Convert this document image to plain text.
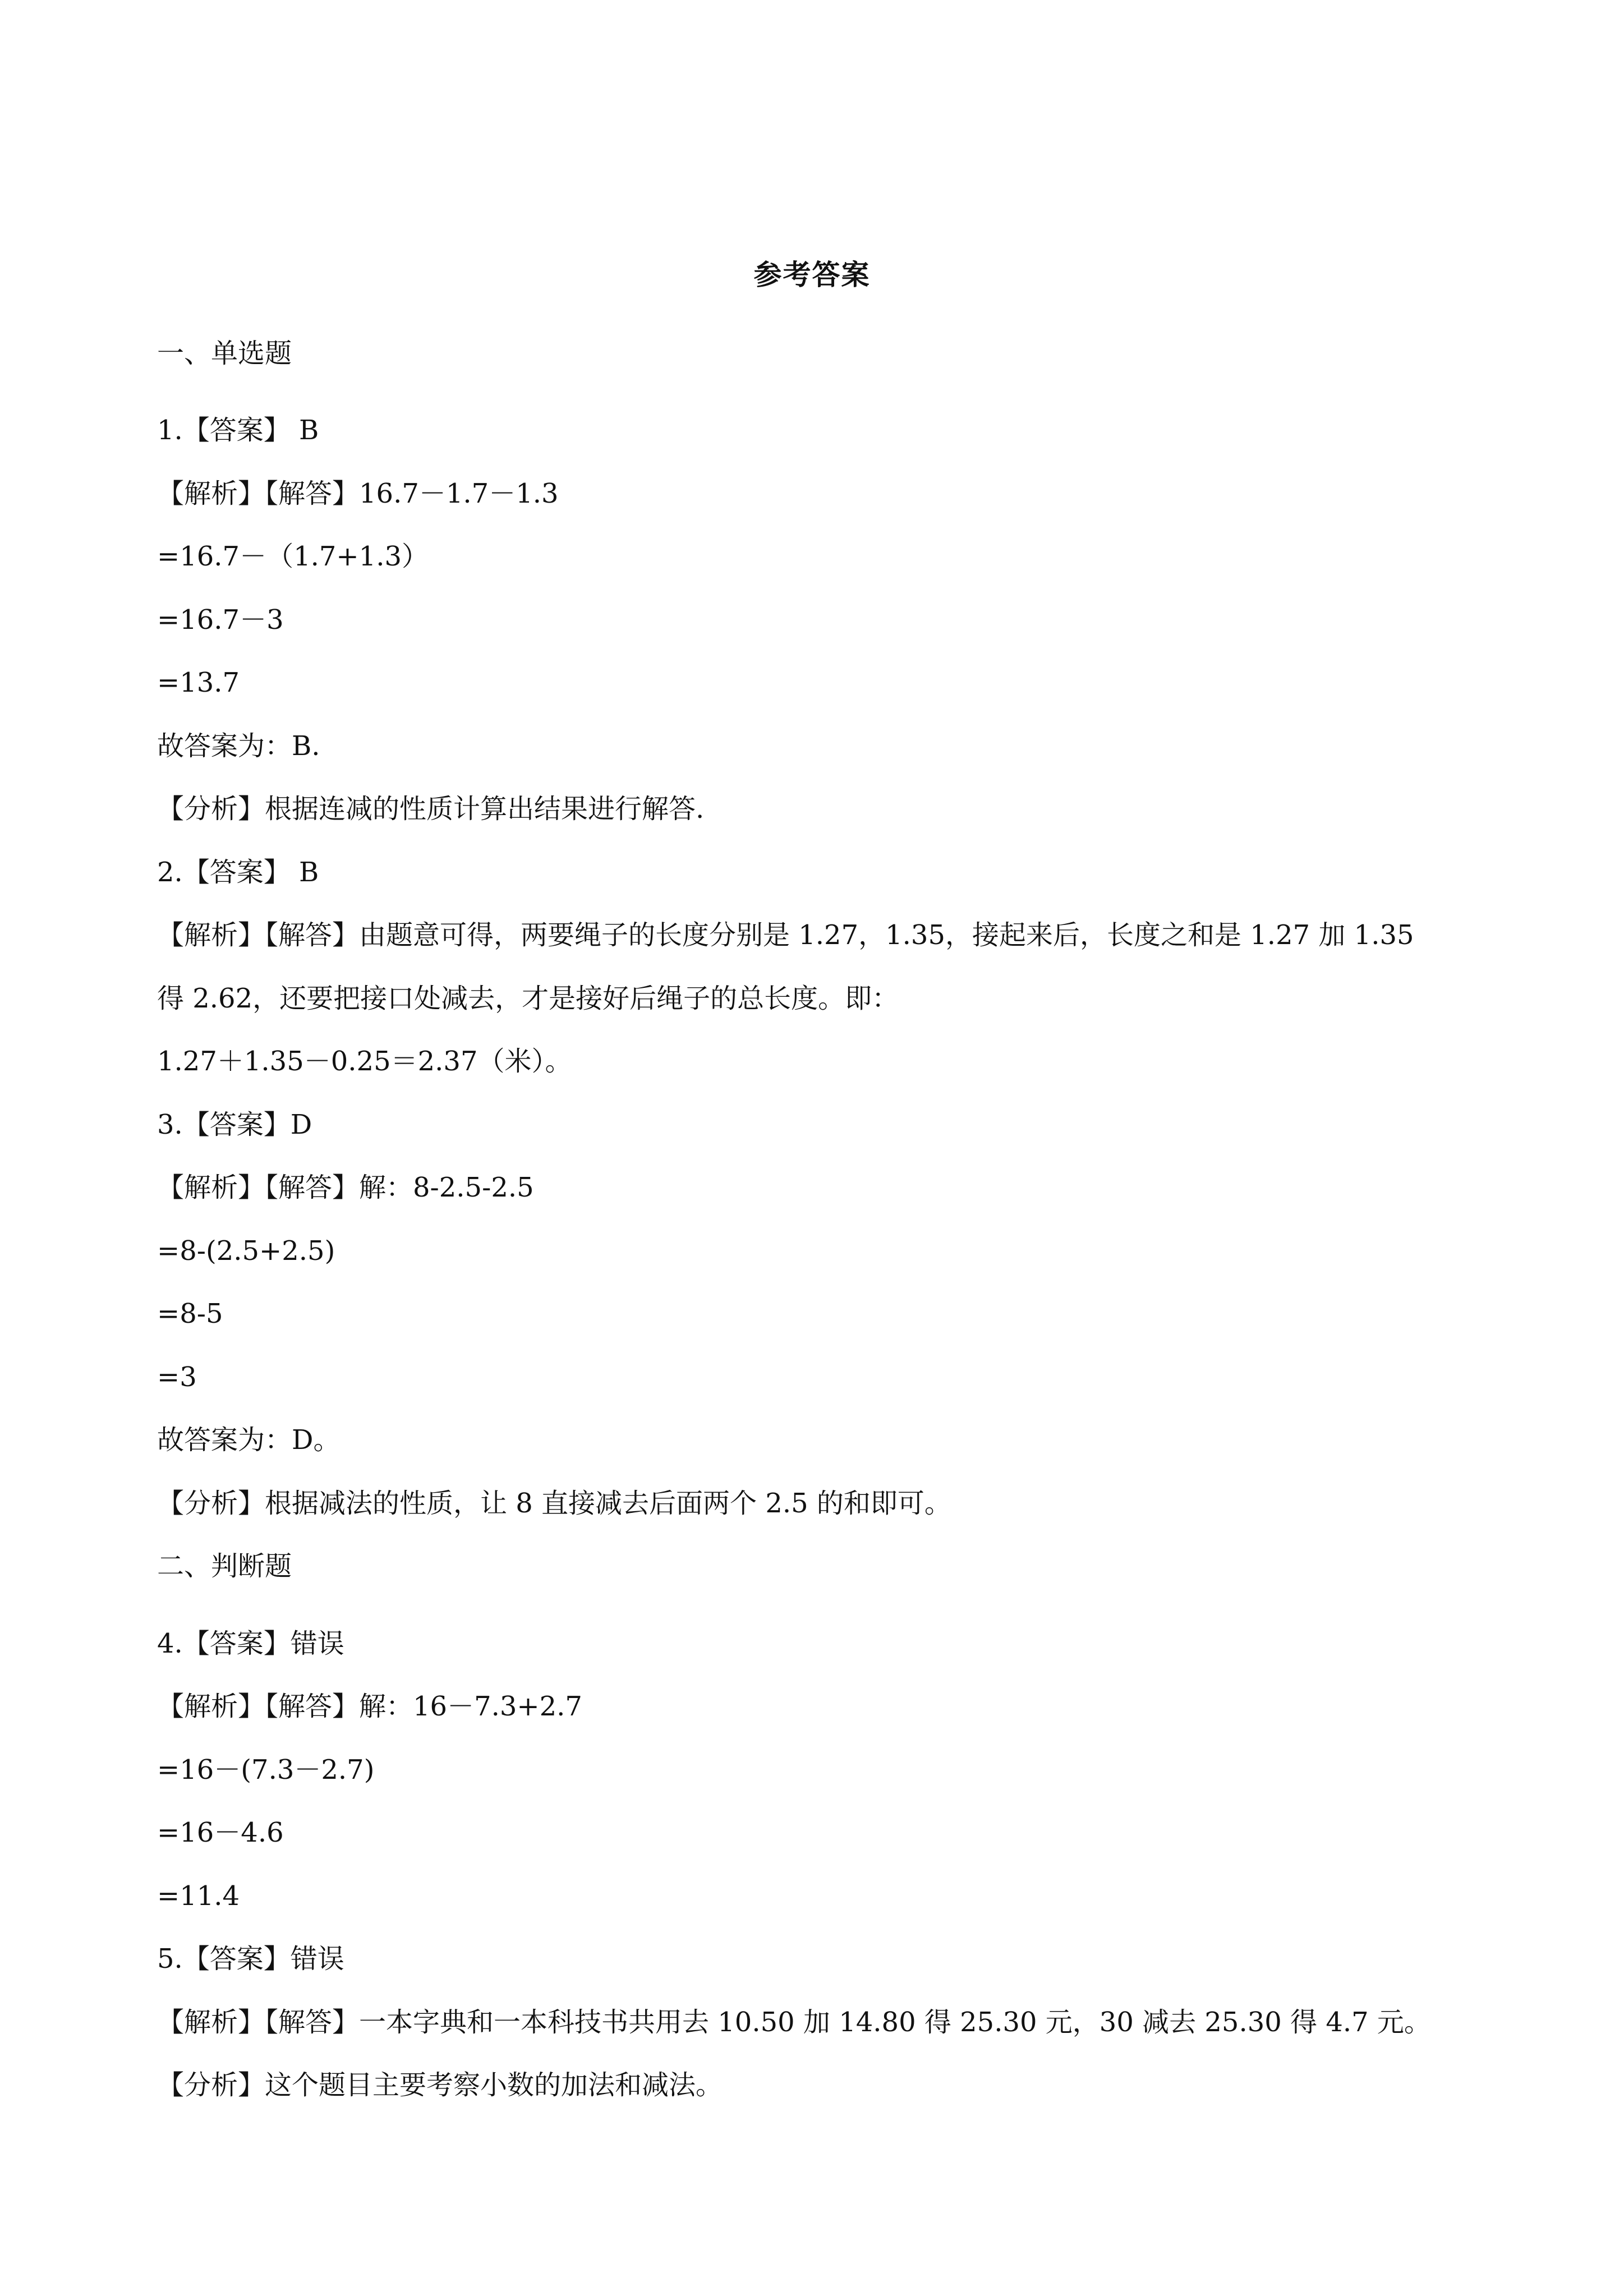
参考答案
一、单选题
1.【答案】 B
【解析】【解答】16.7－1.7－1.3
=16.7－（1.7+1.3）
=16.7－3
=13.7
故答案为：B.
【分析】根据连减的性质计算出结果进行解答.
2.【答案】 B
【解析】【解答】由题意可得，两要绳子的长度分别是 1.27，1.35，接起来后，长度之和是 1.27 加 1.35
得 2.62，还要把接口处减去，才是接好后绳子的总长度。即：
1.27＋1.35－0.25＝2.37（米）。
3.【答案】D
【解析】【解答】解：8-2.5-2.5
=8-(2.5+2.5)
=8-5
=3
故答案为：D。
【分析】根据减法的性质，让 8 直接减去后面两个 2.5 的和即可。
二、判断题
4.【答案】错误
【解析】【解答】解：16－7.3+2.7
=16－(7.3－2.7)
=16－4.6
=11.4
5.【答案】错误
【解析】【解答】一本字典和一本科技书共用去 10.50 加 14.80 得 25.30 元，30 减去 25.30 得 4.7 元。
【分析】这个题目主要考察小数的加法和减法。
